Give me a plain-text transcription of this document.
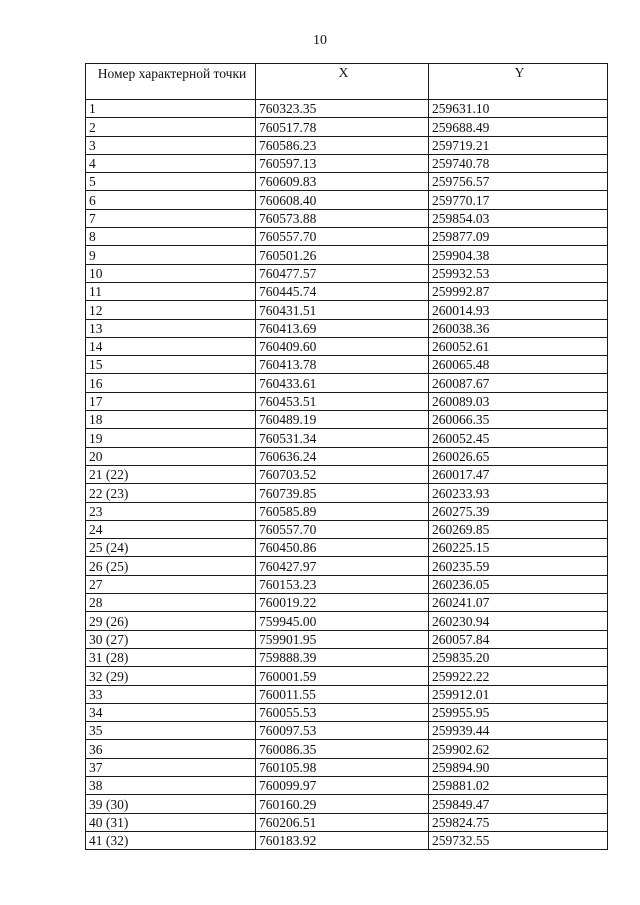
10
Номер характерной точки	X	Y
1	760323.35	259631.10
2	760517.78	259688.49
3	760586.23	259719.21
4	760597.13	259740.78
5	760609.83	259756.57
6	760608.40	259770.17
7	760573.88	259854.03
8	760557.70	259877.09
9	760501.26	259904.38
10	760477.57	259932.53
11	760445.74	259992.87
12	760431.51	260014.93
13	760413.69	260038.36
14	760409.60	260052.61
15	760413.78	260065.48
16	760433.61	260087.67
17	760453.51	260089.03
18	760489.19	260066.35
19	760531.34	260052.45
20	760636.24	260026.65
21 (22)	760703.52	260017.47
22 (23)	760739.85	260233.93
23	760585.89	260275.39
24	760557.70	260269.85
25 (24)	760450.86	260225.15
26 (25)	760427.97	260235.59
27	760153.23	260236.05
28	760019.22	260241.07
29 (26)	759945.00	260230.94
30 (27)	759901.95	260057.84
31 (28)	759888.39	259835.20
32 (29)	760001.59	259922.22
33	760011.55	259912.01
34	760055.53	259955.95
35	760097.53	259939.44
36	760086.35	259902.62
37	760105.98	259894.90
38	760099.97	259881.02
39 (30)	760160.29	259849.47
40 (31)	760206.51	259824.75
41 (32)	760183.92	259732.55
